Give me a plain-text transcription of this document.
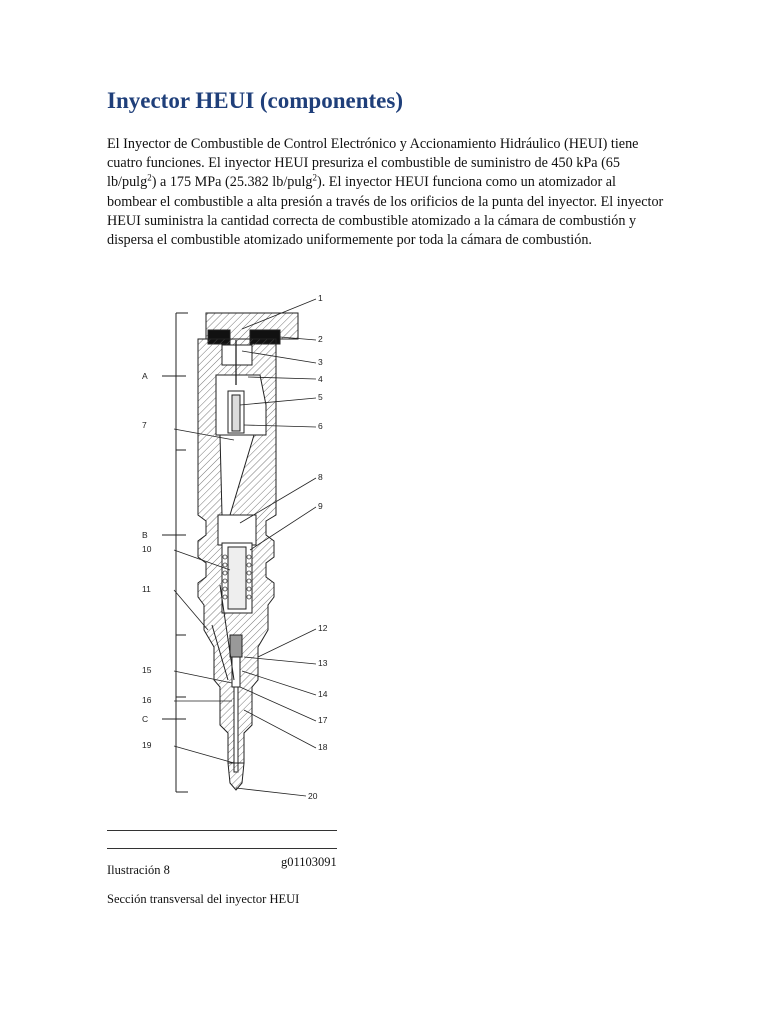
Inyector HEUI (componentes)

El Inyector de Combustible de Control Electrónico y Accionamiento Hidráulico (HEUI) tiene cuatro funciones. El inyector HEUI presuriza el combustible de suministro de 450 kPa (65 lb/pulg$^2$) a 175 MPa (25.382 lb/pulg$^2$). El inyector HEUI funciona como un atomizador al bombear el combustible a alta presión a través de los orificios de la punta del inyector. El inyector HEUI suministra la cantidad correcta de combustible atomizado a la cámara de combustión y dispersa el combustible atomizado uniformemente por toda la cámara de combustión.

A
B
C
1
2
3
4
5
6
7
8
9
10
11
12
13
15
14
16
17
18
19
20
Ilustración 8
g01103091
Sección transversal del inyector HEUI
